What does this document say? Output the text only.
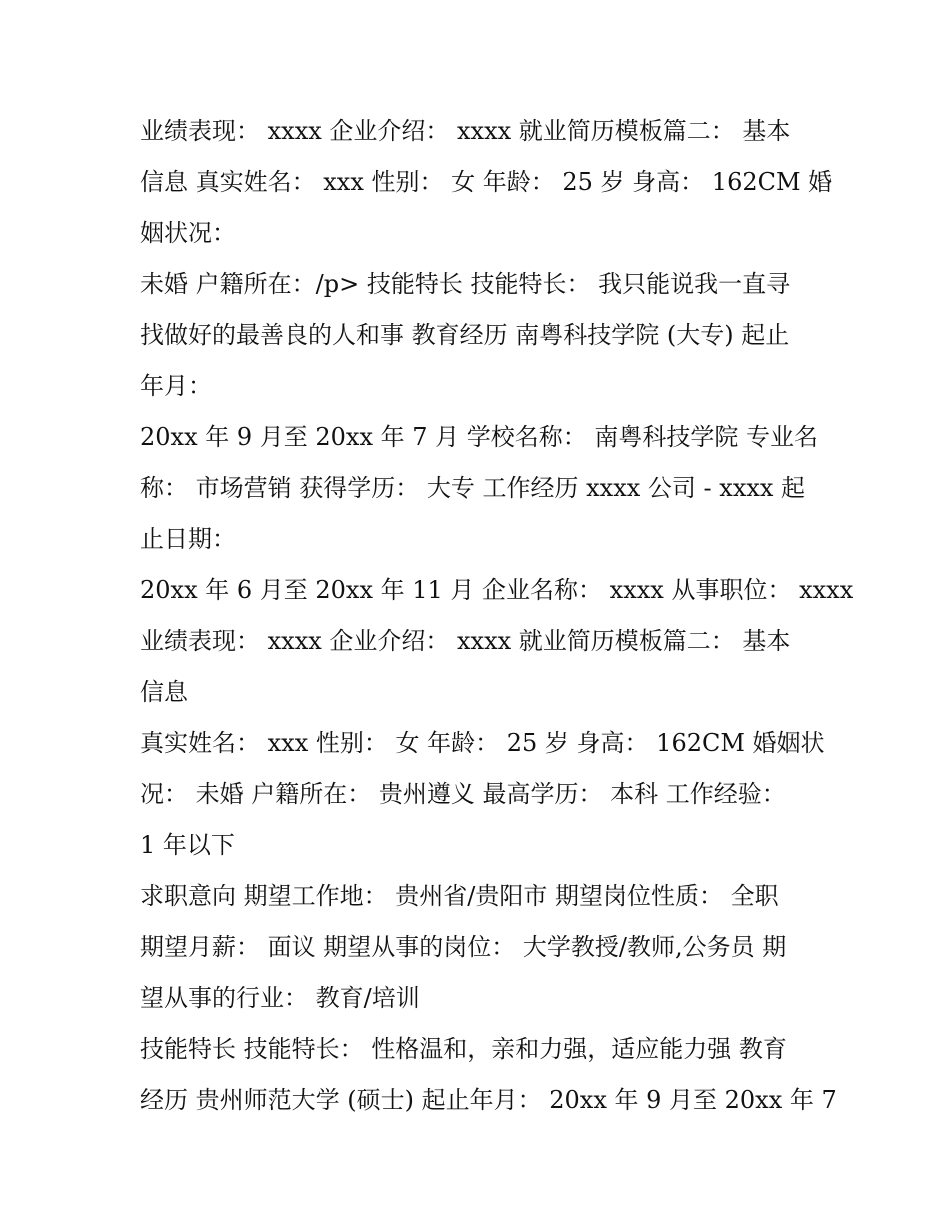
业绩表现： xxxx 企业介绍： xxxx 就业简历模板篇二： 基本
信息 真实姓名： xxx 性别： 女 年龄： 25 岁 身高： 162CM 婚
姻状况：
未婚 户籍所在：/p> 技能特长 技能特长： 我只能说我一直寻
找做好的最善良的人和事 教育经历 南粤科技学院 (大专) 起止
年月：
20xx 年 9 月至 20xx 年 7 月 学校名称： 南粤科技学院 专业名
称： 市场营销 获得学历： 大专 工作经历 xxxx 公司 - xxxx 起
止日期：
20xx 年 6 月至 20xx 年 11 月 企业名称： xxxx 从事职位： xxxx
业绩表现： xxxx 企业介绍： xxxx 就业简历模板篇二： 基本
信息
真实姓名： xxx 性别： 女 年龄： 25 岁 身高： 162CM 婚姻状
况： 未婚 户籍所在： 贵州遵义 最高学历： 本科 工作经验：
1 年以下
求职意向 期望工作地： 贵州省/贵阳市 期望岗位性质： 全职
期望月薪： 面议 期望从事的岗位： 大学教授/教师,公务员 期
望从事的行业： 教育/培训
技能特长 技能特长： 性格温和，亲和力强，适应能力强 教育
经历 贵州师范大学 (硕士) 起止年月： 20xx 年 9 月至 20xx 年 7
